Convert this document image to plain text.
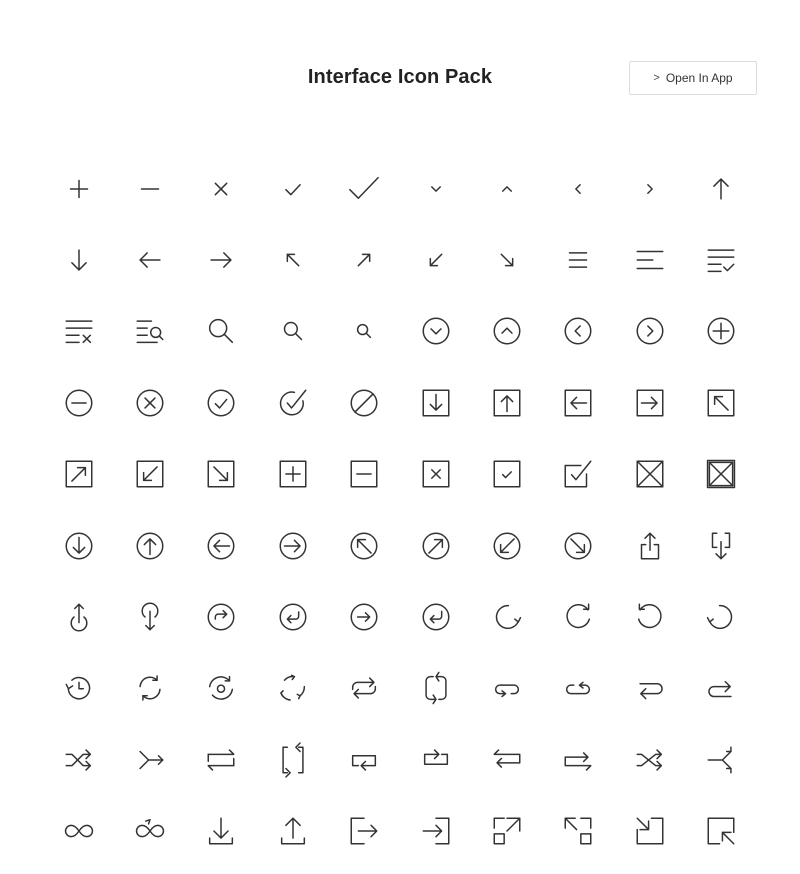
Interface Icon Pack	> Open In App
